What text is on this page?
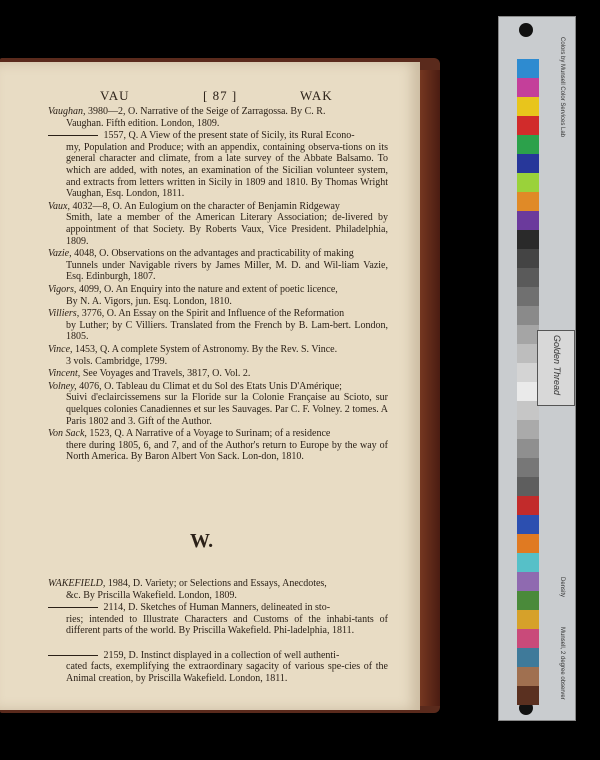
VAU	[ 87 ]	WAK
Vaughan, 3980—2, O. Narrative of the Seige of Zarragossa. By C. R.
Vaughan. Fifth edition. London, 1809.
1557, Q. A View of the present state of Sicily, its Rural Econo-
my, Population and Produce; with an appendix, containing observa-tions on its general character and climate, from a late survey of the Abbate Balsamo. To which are added, with notes, an examination of the Sicilian volunteer system, and extracts from letters written in Sicily in 1809 and 1810. By Thomas Wright Vaughan, Esq. London, 1811.
Vaux, 4032—8, O. An Eulogium on the character of Benjamin Ridgeway
Smith, late a member of the American Literary Association; de-livered by appointment of that Society. By Roberts Vaux, Vice President. Philadelphia, 1809.
Vazie, 4048, O. Observations on the advantages and practicability of making
Tunnels under Navigable rivers by James Miller, M. D. and Wil-liam Vazie, Esq. Edinburgh, 1807.
Vigors, 4099, O. An Enquiry into the nature and extent of poetic licence,
By N. A. Vigors, jun. Esq. London, 1810.
Villiers, 3776, O. An Essay on the Spirit and Influence of the Reformation
by Luther; by C Villiers. Translated from the French by B. Lam-bert. London, 1805.
Vince, 1453, Q. A complete System of Astronomy. By the Rev. S. Vince.
3 vols. Cambridge, 1799.
Vincent, See Voyages and Travels, 3817, O. Vol. 2.
Volney, 4076, O. Tableau du Climat et du Sol des Etats Unis D'Amérique;
Suivi d'eclaircissemens sur la Floride sur la Colonie Française au Scioto, sur quelques colonies Canadiennes et sur les Sauvages. Par C. F. Volney. 2 tomes. A Paris 1802 and 3. Gift of the Author.
Von Sack, 1523, Q. A Narrative of a Voyage to Surinam; of a residence
there during 1805, 6, and 7, and of the Author's return to Europe by the way of North America. By Baron Albert Von Sack. Lon-don, 1810.
W.
WAKEFIELD, 1984, D. Variety; or Selections and Essays, Anecdotes,
&c. By Priscilla Wakefield. London, 1809.
2114, D. Sketches of Human Manners, delineated in sto-
ries; intended to Illustrate Characters and Customs of the inhabi-tants of different parts of the world. By Priscilla Wakefield. Phi-ladelphia, 1811.
2159, D. Instinct displayed in a collection of well authenti-
cated facts, exemplifying the extraordinary sagacity of various spe-cies of the Animal creation, by Priscilla Wakefield. London, 1811.
Colors by Munsell Color Services Lab
Density
Munsell, 2 degree observer
Golden Thread
